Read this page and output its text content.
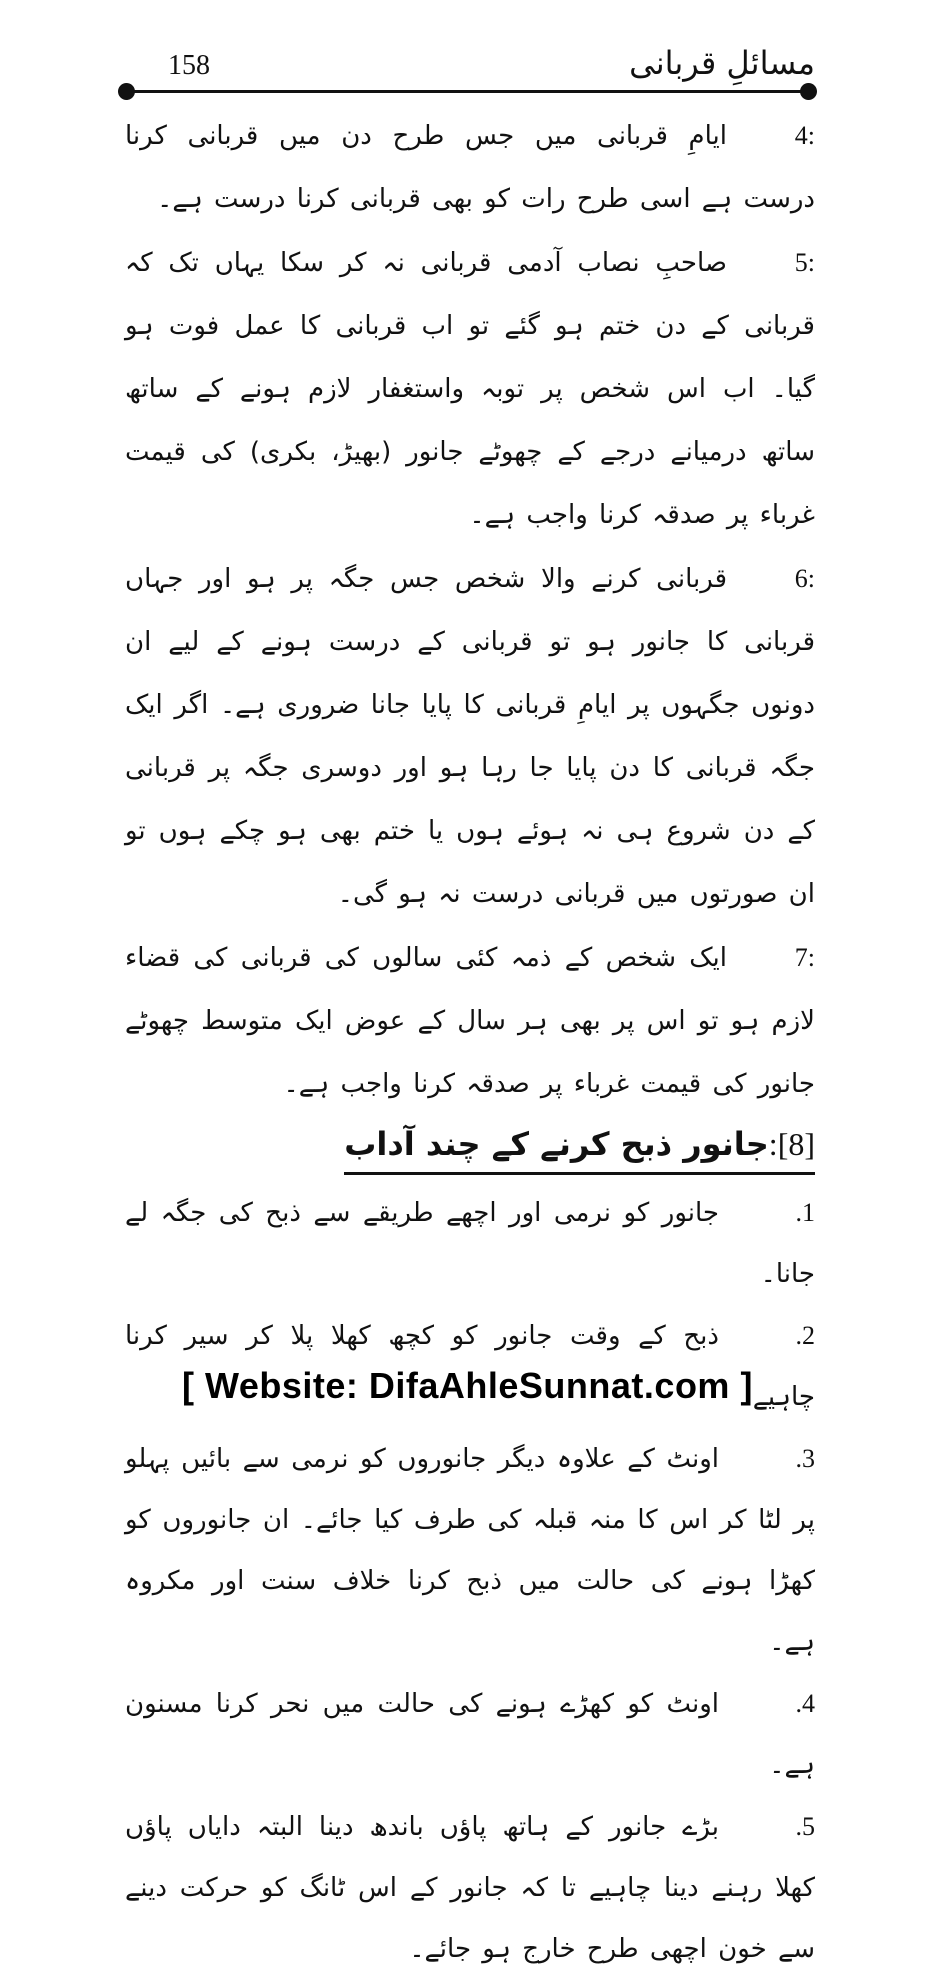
158	مسائلِ قربانی
4:ایامِ قربانی میں جس طرح دن میں قربانی کرنا درست ہے اسی طرح رات کو بھی قربانی کرنا درست ہے۔
5:صاحبِ نصاب آدمی قربانی نہ کر سکا یہاں تک کہ قربانی کے دن ختم ہو گئے تو اب قربانی کا عمل فوت ہو گیا۔ اب اس شخص پر توبہ واستغفار لازم ہونے کے ساتھ ساتھ درمیانے درجے کے چھوٹے جانور (بھیڑ، بکری) کی قیمت غرباء پر صدقہ کرنا واجب ہے۔
6:قربانی کرنے والا شخص جس جگہ پر ہو اور جہاں قربانی کا جانور ہو تو قربانی کے درست ہونے کے لیے ان دونوں جگہوں پر ایامِ قربانی کا پایا جانا ضروری ہے۔ اگر ایک جگہ قربانی کا دن پایا جا رہا ہو اور دوسری جگہ پر قربانی کے دن شروع ہی نہ ہوئے ہوں یا ختم بھی ہو چکے ہوں تو ان صورتوں میں قربانی درست نہ ہو گی۔
7:ایک شخص کے ذمہ کئی سالوں کی قربانی کی قضاء لازم ہو تو اس پر بھی ہر سال کے عوض ایک متوسط چھوٹے جانور کی قیمت غرباء پر صدقہ کرنا واجب ہے۔
[8]:جانور ذبح کرنے کے چند آداب
.1جانور کو نرمی اور اچھے طریقے سے ذبح کی جگہ لے جانا۔
.2ذبح کے وقت جانور کو کچھ کھلا پلا کر سیر کرنا چاہیے۔
.3اونٹ کے علاوہ دیگر جانوروں کو نرمی سے بائیں پہلو پر لٹا کر اس کا منہ قبلہ کی طرف کیا جائے۔ ان جانوروں کو کھڑا ہونے کی حالت میں ذبح کرنا خلاف سنت اور مکروہ ہے۔
.4اونٹ کو کھڑے ہونے کی حالت میں نحر کرنا مسنون ہے۔
.5بڑے جانور کے ہاتھ پاؤں باندھ دینا البتہ دایاں پاؤں کھلا رہنے دینا چاہیے تا کہ جانور کے اس ٹانگ کو حرکت دینے سے خون اچھی طرح خارج ہو جائے۔
[ Website: DifaAhleSunnat.com ]
